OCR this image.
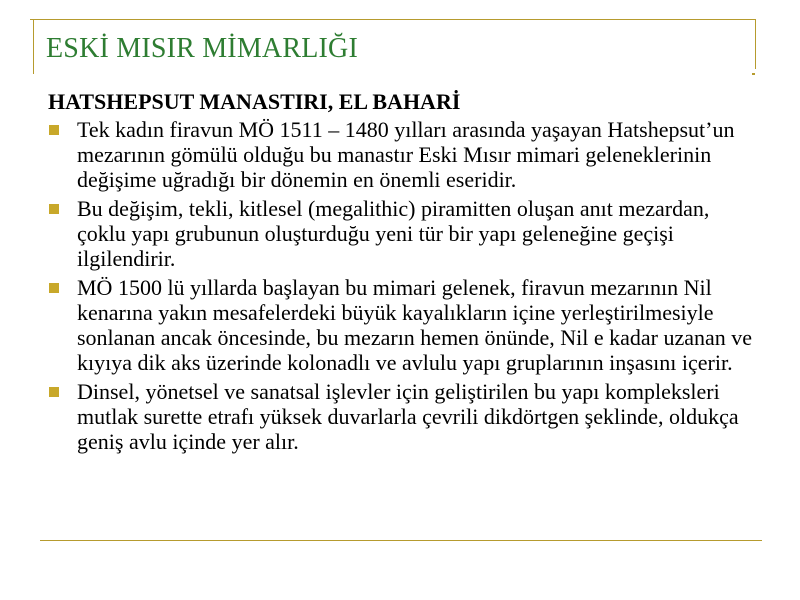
ESKİ MISIR MİMARLIĞI
HATSHEPSUT MANASTIRI, EL BAHARİ
Tek kadın firavun MÖ 1511 – 1480 yılları arasında yaşayan Hatshepsut’un mezarının gömülü olduğu bu manastır Eski Mısır mimari geleneklerinin değişime uğradığı bir dönemin en önemli eseridir.
Bu değişim, tekli, kitlesel (megalithic) piramitten oluşan anıt mezardan, çoklu yapı grubunun oluşturduğu yeni tür bir yapı geleneğine geçişi ilgilendirir.
MÖ 1500 lü yıllarda başlayan bu mimari gelenek, firavun mezarının Nil kenarına yakın mesafelerdeki büyük kayalıkların içine yerleştirilmesiyle sonlanan ancak öncesinde, bu mezarın hemen önünde, Nil e kadar uzanan ve kıyıya dik aks üzerinde kolonadlı ve avlulu yapı gruplarının inşasını içerir.
Dinsel, yönetsel ve sanatsal işlevler için geliştirilen bu yapı kompleksleri mutlak surette etrafı yüksek duvarlarla çevrili dikdörtgen şeklinde, oldukça geniş avlu içinde yer alır.
